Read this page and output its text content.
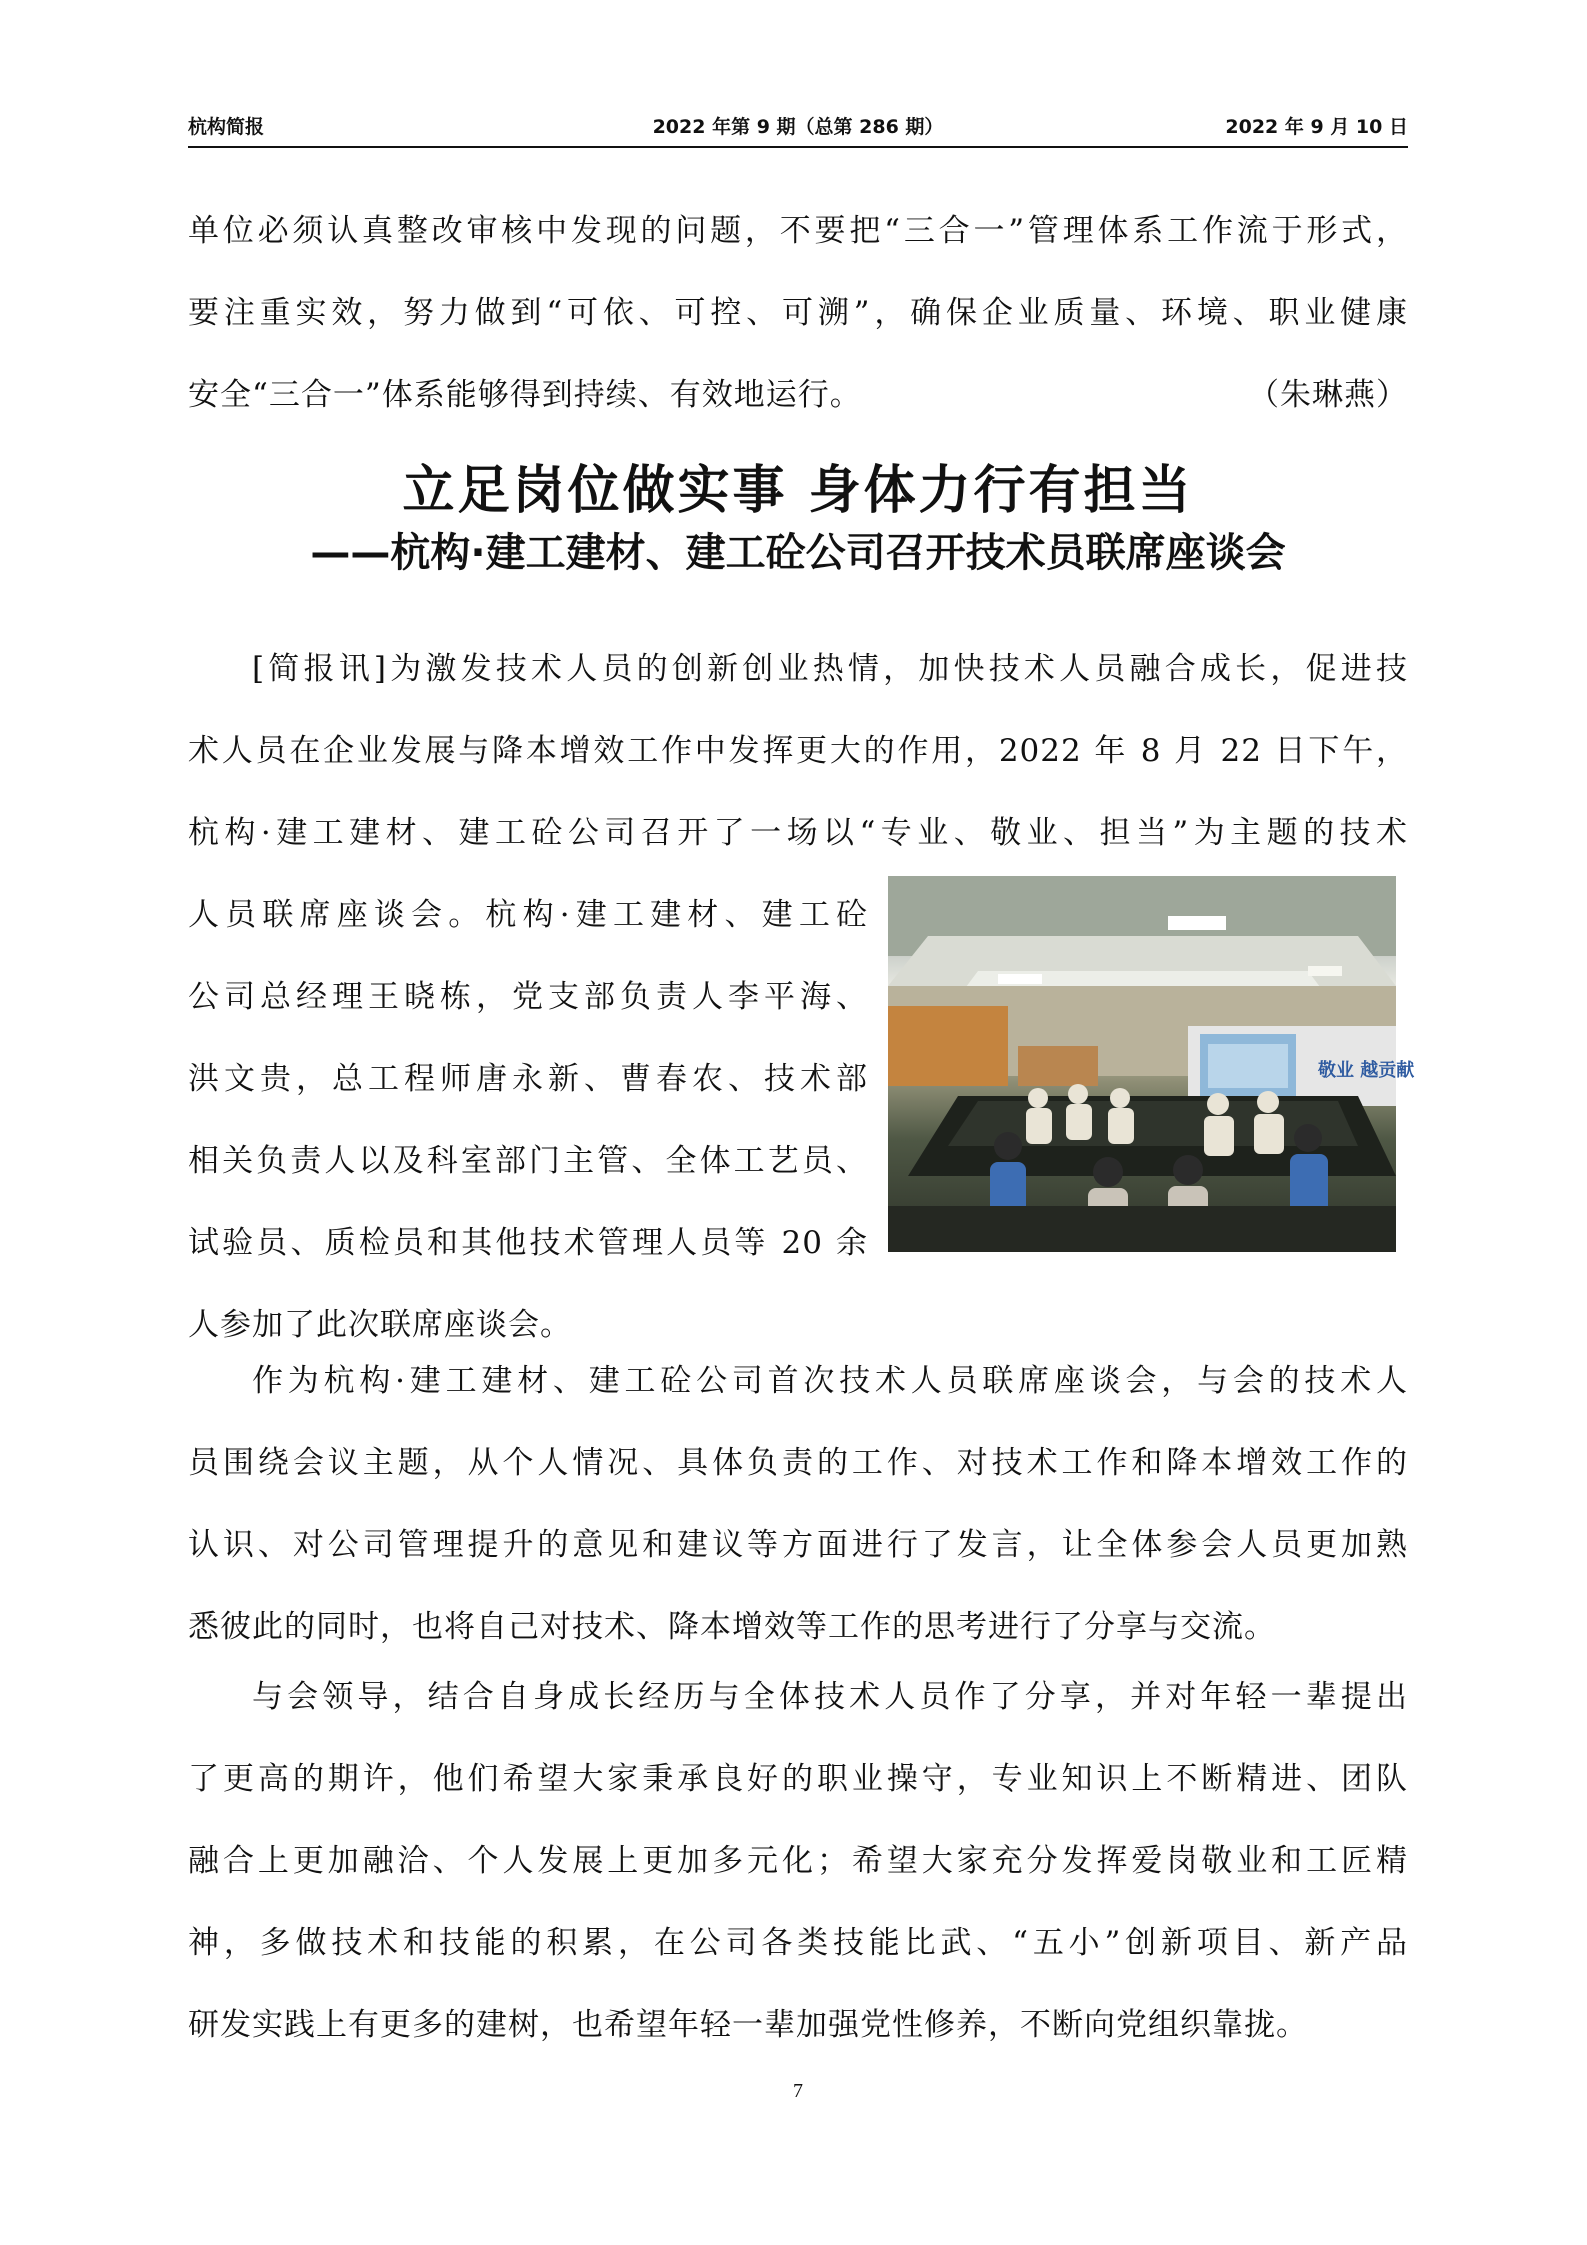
杭构简报	2022 年第 9 期（总第 286 期）	2022 年 9 月 10 日
单位必须认真整改审核中发现的问题，不要把“三合一”管理体系工作流于形式，
要注重实效，努力做到“可依、可控、可溯”，确保企业质量、环境、职业健康
安全“三合一”体系能够得到持续、有效地运行。	（朱琳燕）
立足岗位做实事 身体力行有担当
——杭构·建工建材、建工砼公司召开技术员联席座谈会
[简报讯]为激发技术人员的创新创业热情，加快技术人员融合成长，促进技
术人员在企业发展与降本增效工作中发挥更大的作用，2022 年 8 月 22 日下午，
杭构·建工建材、建工砼公司召开了一场以“专业、敬业、担当”为主题的技术
人员联席座谈会。杭构·建工建材、建工砼
公司总经理王晓栋，党支部负责人李平海、
洪文贵，总工程师唐永新、曹春农、技术部
相关负责人以及科室部门主管、全体工艺员、
试验员、质检员和其他技术管理人员等 20 余
人参加了此次联席座谈会。
敬业 越贡献
作为杭构·建工建材、建工砼公司首次技术人员联席座谈会，与会的技术人
员围绕会议主题，从个人情况、具体负责的工作、对技术工作和降本增效工作的
认识、对公司管理提升的意见和建议等方面进行了发言，让全体参会人员更加熟
悉彼此的同时，也将自己对技术、降本增效等工作的思考进行了分享与交流。
与会领导，结合自身成长经历与全体技术人员作了分享，并对年轻一辈提出
了更高的期许，他们希望大家秉承良好的职业操守，专业知识上不断精进、团队
融合上更加融洽、个人发展上更加多元化；希望大家充分发挥爱岗敬业和工匠精
神，多做技术和技能的积累，在公司各类技能比武、“五小”创新项目、新产品
研发实践上有更多的建树，也希望年轻一辈加强党性修养，不断向党组织靠拢。
7
